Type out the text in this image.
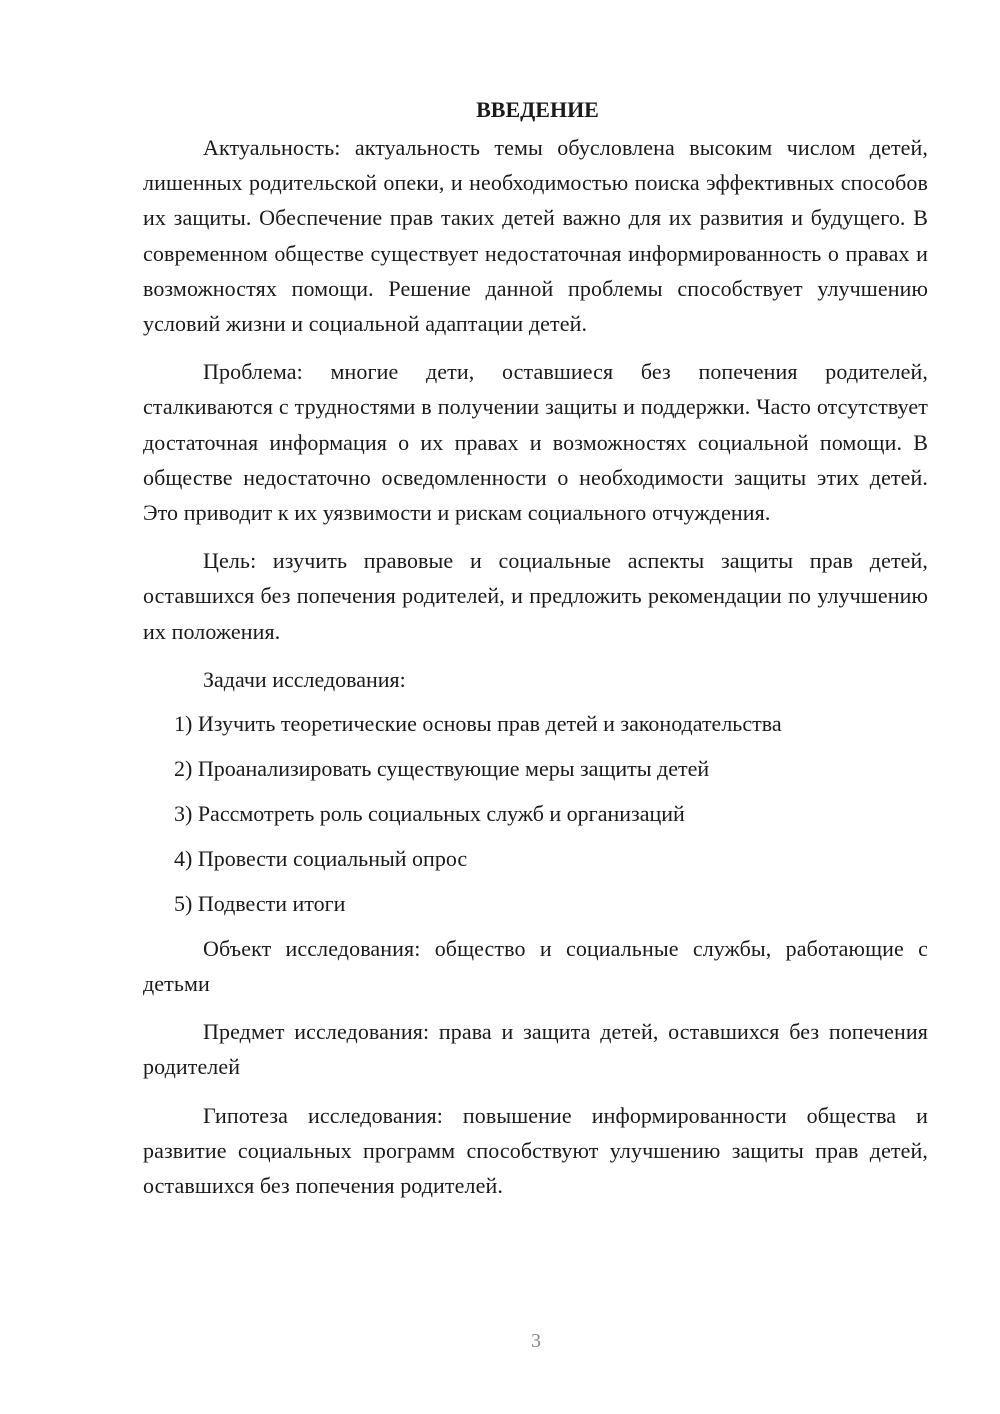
ВВЕДЕНИЕ

Актуальность: актуальность темы обусловлена высоким числом детей, лишенных родительской опеки, и необходимостью поиска эффективных способов их защиты. Обеспечение прав таких детей важно для их развития и будущего. В современном обществе существует недостаточная информированность о правах и возможностях помощи. Решение данной проблемы способствует улучшению условий жизни и социальной адаптации детей.

Проблема: многие дети, оставшиеся без попечения родителей, сталкиваются с трудностями в получении защиты и поддержки. Часто отсутствует достаточная информация о их правах и возможностях социальной помощи. В обществе недостаточно осведомленности о необходимости защиты этих детей. Это приводит к их уязвимости и рискам социального отчуждения.

Цель: изучить правовые и социальные аспекты защиты прав детей, оставшихся без попечения родителей, и предложить рекомендации по улучшению их положения.

Задачи исследования:
1) Изучить теоретические основы прав детей и законодательства
2) Проанализировать существующие меры защиты детей
3) Рассмотреть роль социальных служб и организаций
4) Провести социальный опрос
5) Подвести итоги

Объект исследования: общество и социальные службы, работающие с детьми

Предмет исследования: права и защита детей, оставшихся без попечения родителей

Гипотеза исследования: повышение информированности общества и развитие социальных программ способствуют улучшению защиты прав детей, оставшихся без попечения родителей.

3
